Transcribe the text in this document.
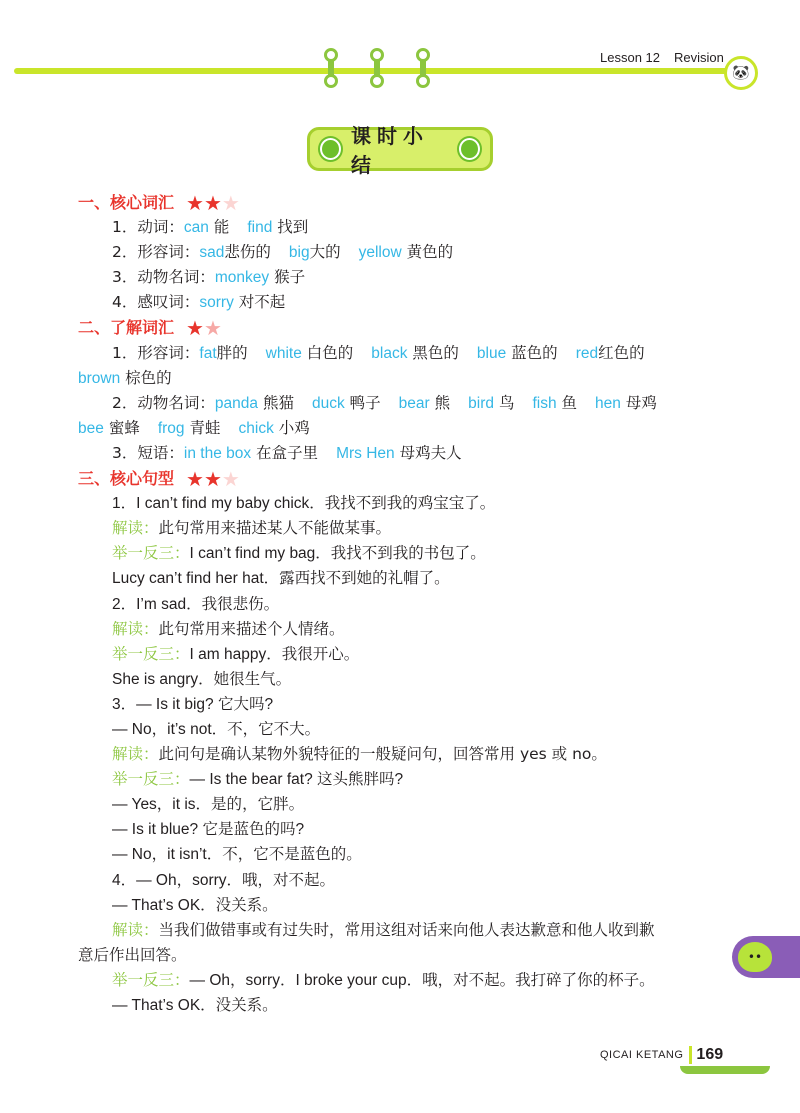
Lesson 12 Revision
🐼
课时小结
一、核心词汇 ★ ★ ★
1．动词：can 能 find 找到
2．形容词：sad悲伤的 big大的 yellow 黄色的
3．动物名词：monkey 猴子
4．感叹词：sorry 对不起
二、了解词汇 ★ ★
1．形容词：fat胖的 white 白色的 black 黑色的 blue 蓝色的 red红色的
brown 棕色的
2．动物名词：panda 熊猫 duck 鸭子 bear 熊 bird 鸟 fish 鱼 hen 母鸡
bee 蜜蜂 frog 青蛙 chick 小鸡
3．短语：in the box 在盒子里 Mrs Hen 母鸡夫人
三、核心句型 ★ ★ ★
1．I can’t find my baby chick．我找不到我的鸡宝宝了。
解读：此句常用来描述某人不能做某事。
举一反三：I can’t find my bag．我找不到我的书包了。
Lucy can’t find her hat．露西找不到她的礼帽了。
2．I’m sad．我很悲伤。
解读：此句常用来描述个人情绪。
举一反三：I am happy．我很开心。
She is angry．她很生气。
3．— Is it big? 它大吗?
— No，it’s not．不，它不大。
解读：此问句是确认某物外貌特征的一般疑问句，回答常用 yes 或 no。
举一反三：— Is the bear fat? 这头熊胖吗?
— Yes，it is．是的，它胖。
— Is it blue? 它是蓝色的吗?
— No，it isn’t．不，它不是蓝色的。
4．— Oh，sorry．哦，对不起。
— That’s OK．没关系。
解读：当我们做错事或有过失时，常用这组对话来向他人表达歉意和他人收到歉
意后作出回答。
举一反三：— Oh，sorry．I broke your cup．哦，对不起。我打碎了你的杯子。
— That’s OK．没关系。
••
QICAI KETANG 169
